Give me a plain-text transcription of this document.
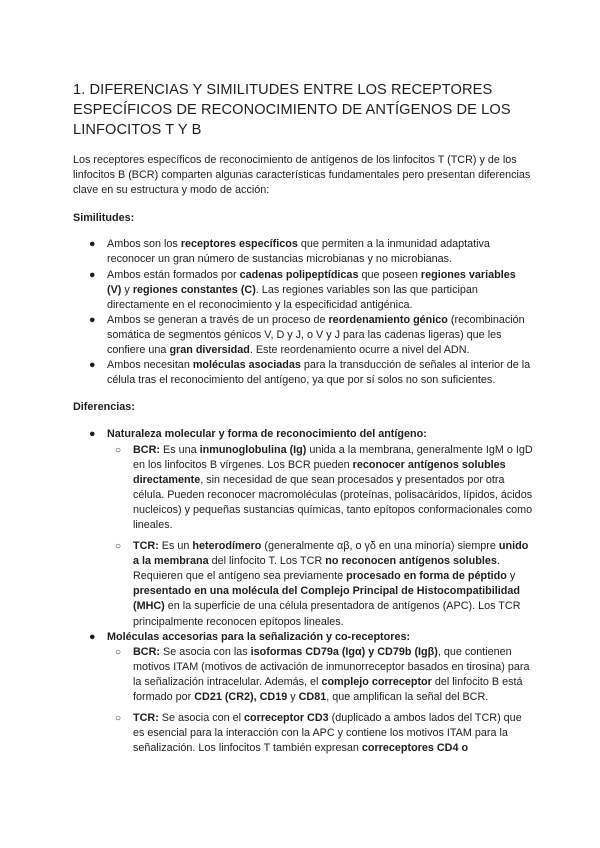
1. DIFERENCIAS Y SIMILITUDES ENTRE LOS RECEPTORES ESPECÍFICOS DE RECONOCIMIENTO DE ANTÍGENOS DE LOS LINFOCITOS T Y B

Los receptores específicos de reconocimiento de antígenos de los linfocitos T (TCR) y de los linfocitos B (BCR) comparten algunas características fundamentales pero presentan diferencias clave en su estructura y modo de acción:

Similitudes:

●	Ambos son los receptores específicos que permiten a la inmunidad adaptativa reconocer un gran número de sustancias microbianas y no microbianas.
●	Ambos están formados por cadenas polipeptídicas que poseen regiones variables (V) y regiones constantes (C). Las regiones variables son las que participan directamente en el reconocimiento y la especificidad antigénica.
●	Ambos se generan a través de un proceso de reordenamiento génico (recombinación somática de segmentos génicos V, D y J, o V y J para las cadenas ligeras) que les confiere una gran diversidad. Este reordenamiento ocurre a nivel del ADN.
●	Ambos necesitan moléculas asociadas para la transducción de señales al interior de la célula tras el reconocimiento del antígeno, ya que por sí solos no son suficientes.

Diferencias:

●	Naturaleza molecular y forma de reconocimiento del antígeno:
○	BCR: Es una inmunoglobulina (Ig) unida a la membrana, generalmente IgM o IgD en los linfocitos B vírgenes. Los BCR pueden reconocer antígenos solubles directamente, sin necesidad de que sean procesados y presentados por otra célula. Pueden reconocer macromoléculas (proteínas, polisacáridos, lípidos, ácidos nucleicos) y pequeñas sustancias químicas, tanto epítopos conformacionales como lineales.
○	TCR: Es un heterodímero (generalmente αβ, o γδ en una minoría) siempre unido a la membrana del linfocito T. Los TCR no reconocen antígenos solubles. Requieren que el antígeno sea previamente procesado en forma de péptido y presentado en una molécula del Complejo Principal de Histocompatibilidad (MHC) en la superficie de una célula presentadora de antígenos (APC). Los TCR principalmente reconocen epítopos lineales.
●	Moléculas accesorias para la señalización y co-receptores:
○	BCR: Se asocia con las isoformas CD79a (Igα) y CD79b (Igβ), que contienen motivos ITAM (motivos de activación de inmunorreceptor basados en tirosina) para la señalización intracelular. Además, el complejo correceptor del linfocito B está formado por CD21 (CR2), CD19 y CD81, que amplifican la señal del BCR.
○	TCR: Se asocia con el correceptor CD3 (duplicado a ambos lados del TCR) que es esencial para la interacción con la APC y contiene los motivos ITAM para la señalización. Los linfocitos T también expresan correceptores CD4 o
